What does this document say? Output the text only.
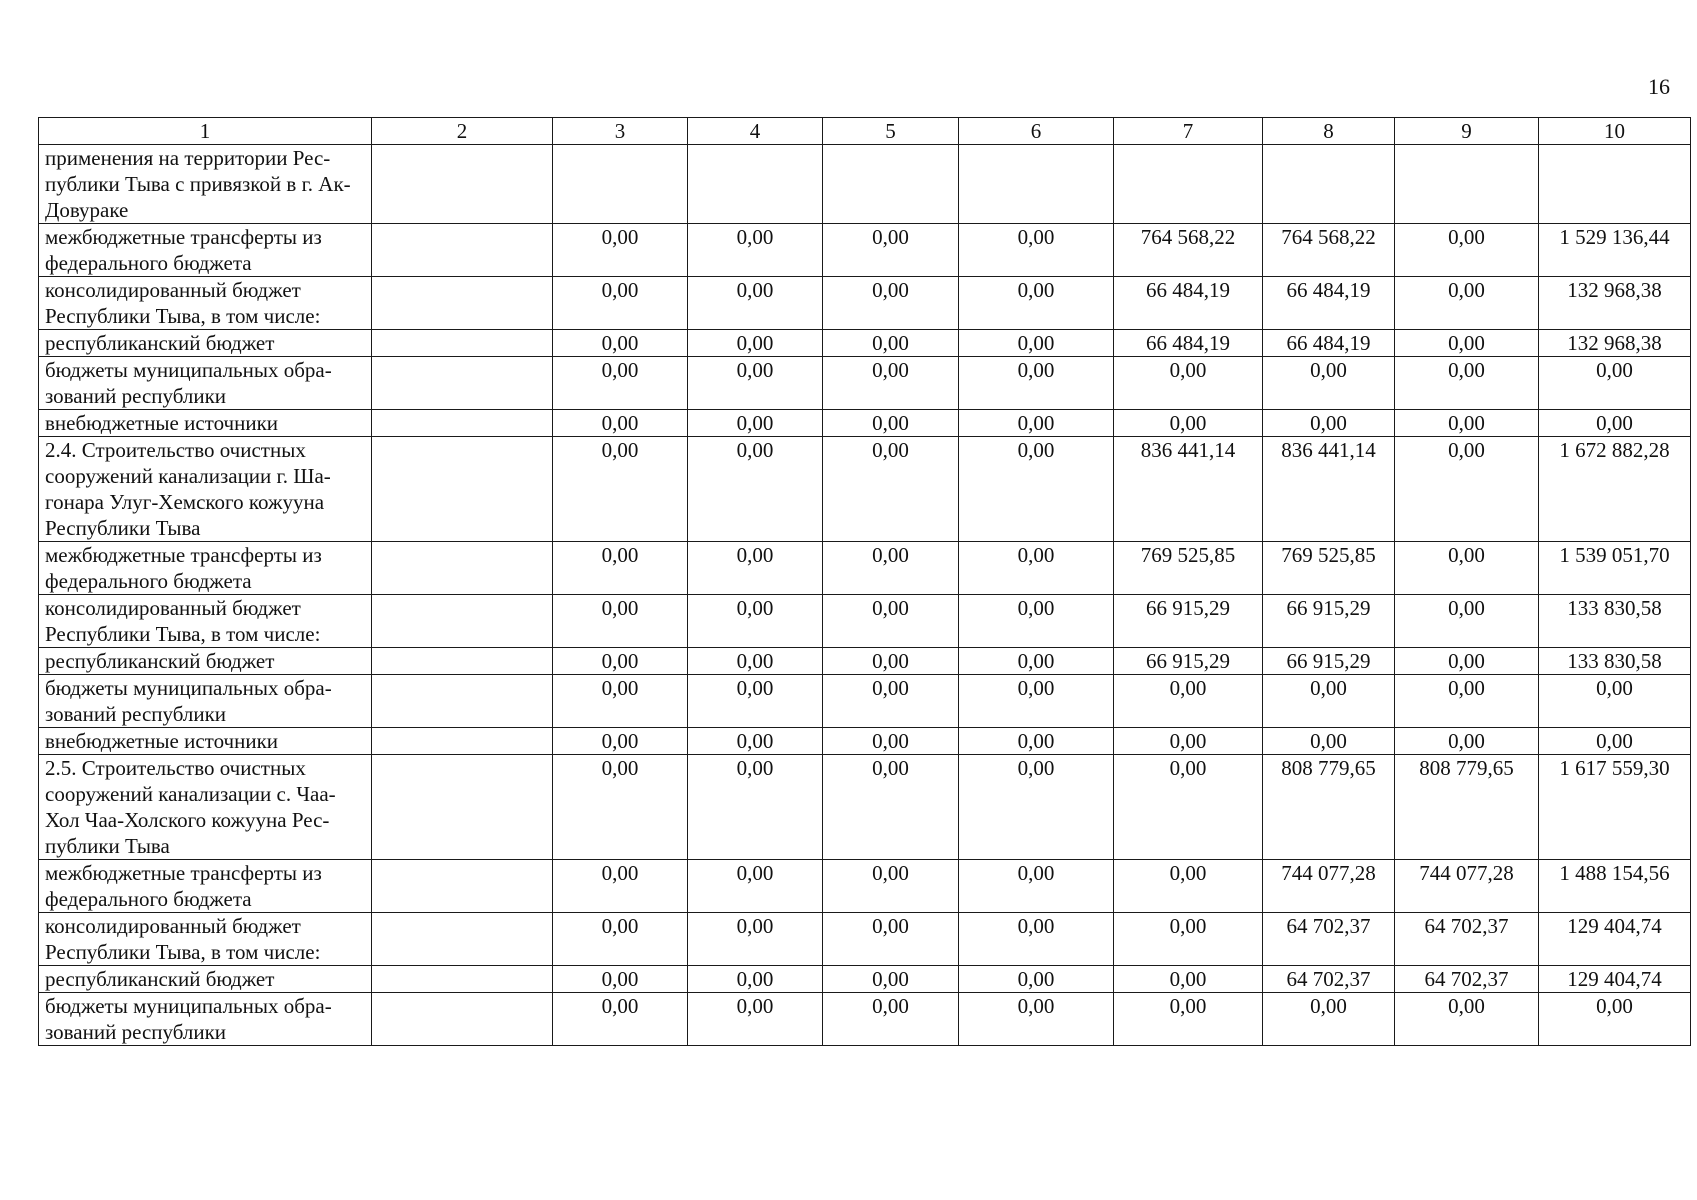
16
1	2	3	4	5	6	7	8	9	10
применения на территории Рес-публики Тыва с привязкой в г. Ак-Довураке									
межбюджетные трансферты из федерального бюджета		0,00	0,00	0,00	0,00	764 568,22	764 568,22	0,00	1 529 136,44
консолидированный бюджет Республики Тыва, в том числе:		0,00	0,00	0,00	0,00	66 484,19	66 484,19	0,00	132 968,38
республиканский бюджет		0,00	0,00	0,00	0,00	66 484,19	66 484,19	0,00	132 968,38
бюджеты муниципальных обра-зований республики		0,00	0,00	0,00	0,00	0,00	0,00	0,00	0,00
внебюджетные источники		0,00	0,00	0,00	0,00	0,00	0,00	0,00	0,00
2.4. Строительство очистных сооружений канализации г. Ша-гонара Улуг-Хемского кожууна Республики Тыва		0,00	0,00	0,00	0,00	836 441,14	836 441,14	0,00	1 672 882,28
межбюджетные трансферты из федерального бюджета		0,00	0,00	0,00	0,00	769 525,85	769 525,85	0,00	1 539 051,70
консолидированный бюджет Республики Тыва, в том числе:		0,00	0,00	0,00	0,00	66 915,29	66 915,29	0,00	133 830,58
республиканский бюджет		0,00	0,00	0,00	0,00	66 915,29	66 915,29	0,00	133 830,58
бюджеты муниципальных обра-зований республики		0,00	0,00	0,00	0,00	0,00	0,00	0,00	0,00
внебюджетные источники		0,00	0,00	0,00	0,00	0,00	0,00	0,00	0,00
2.5. Строительство очистных сооружений канализации с. Чаа-Хол Чаа-Холского кожууна Рес-публики Тыва		0,00	0,00	0,00	0,00	0,00	808 779,65	808 779,65	1 617 559,30
межбюджетные трансферты из федерального бюджета		0,00	0,00	0,00	0,00	0,00	744 077,28	744 077,28	1 488 154,56
консолидированный бюджет Республики Тыва, в том числе:		0,00	0,00	0,00	0,00	0,00	64 702,37	64 702,37	129 404,74
республиканский бюджет		0,00	0,00	0,00	0,00	0,00	64 702,37	64 702,37	129 404,74
бюджеты муниципальных обра-зований республики		0,00	0,00	0,00	0,00	0,00	0,00	0,00	0,00
